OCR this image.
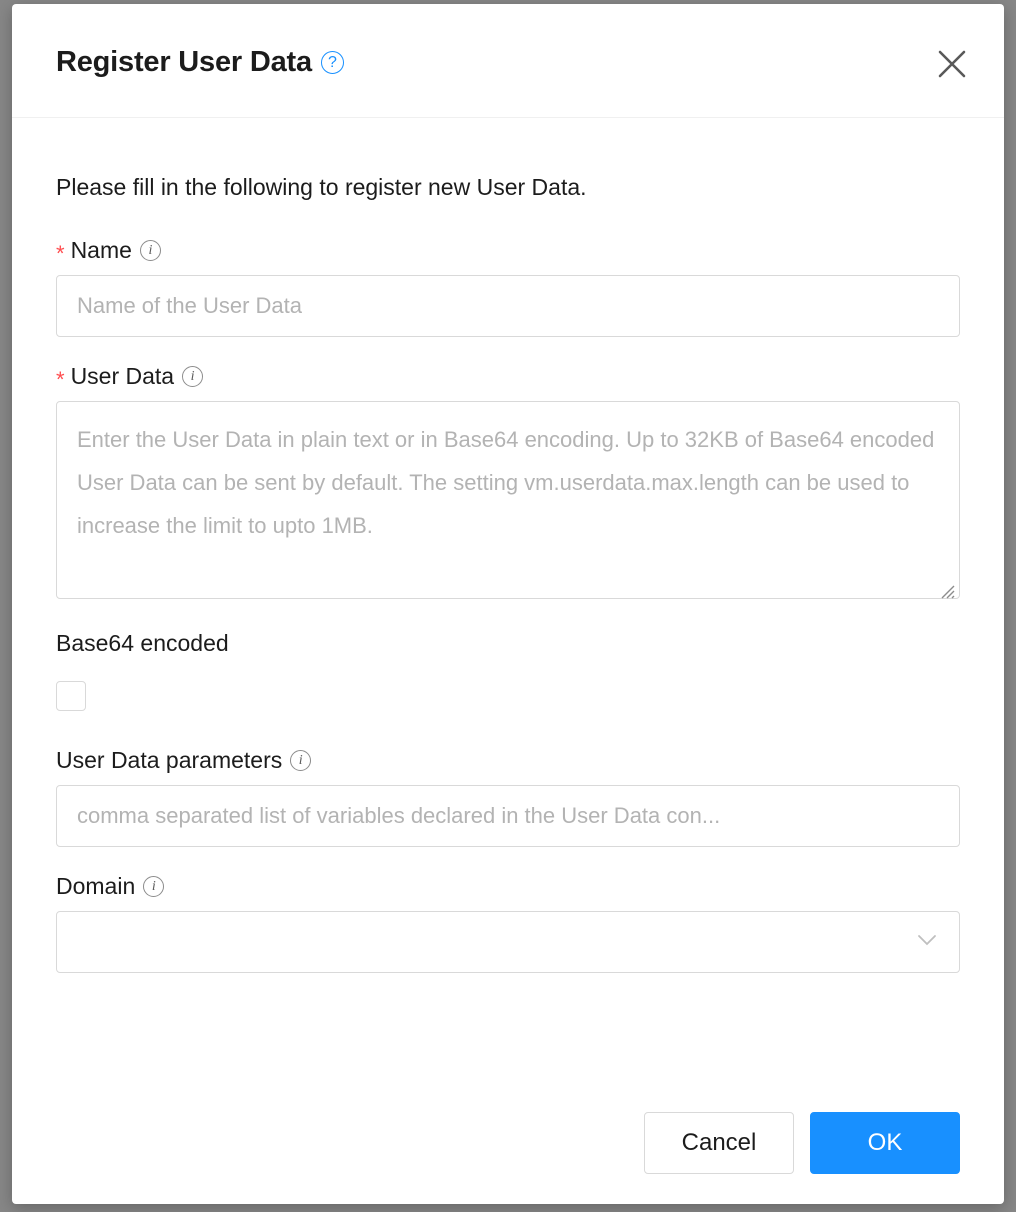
Register User Data ?
Please fill in the following to register new User Data.
* Name	i
Name of the User Data
* User Data	i
Enter the User Data in plain text or in Base64 encoding. Up to 32KB of Base64 encoded User Data can be sent by default. The setting vm.userdata.max.length can be used to increase the limit to upto 1MB.
Base64 encoded
User Data parameters	i
comma separated list of variables declared in the User Data con...
Domain	i
Cancel	OK
